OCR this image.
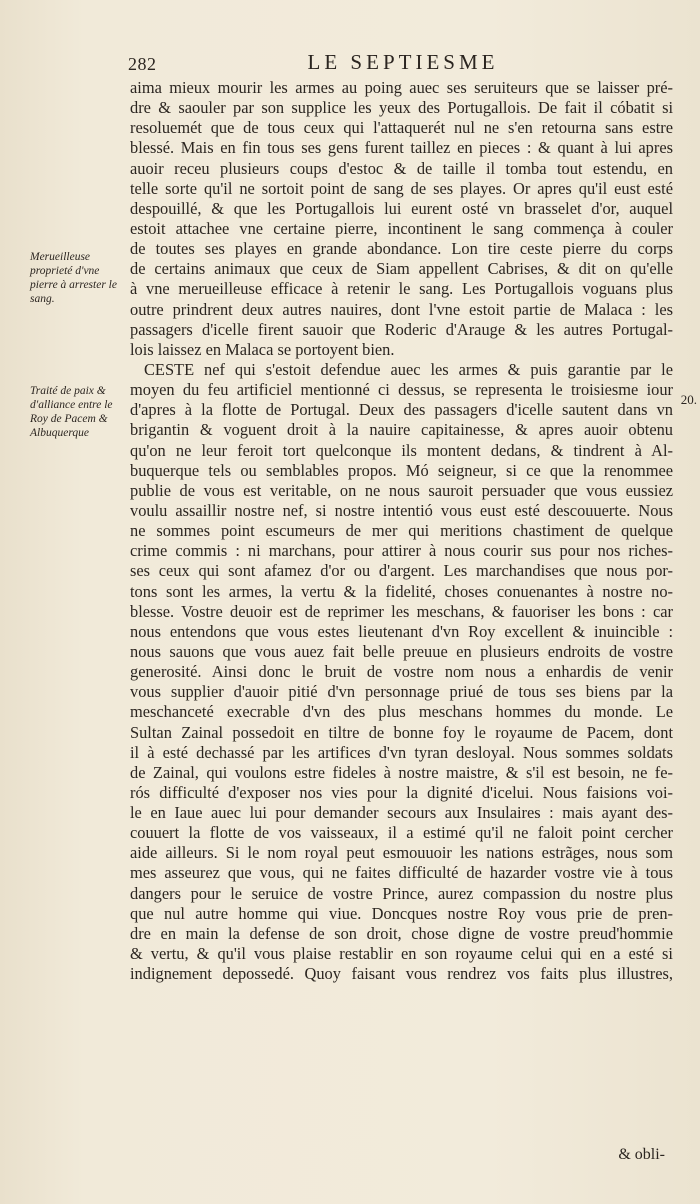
282	LE SEPTIESME
Merueilleuse proprieté d'vne pierre à arrester le sang.
Traité de paix & d'alliance entre le Roy de Pacem & Albuquerque
20.
aima mieux mourir les armes au poing auec ses seruiteurs que se laisser pré-
dre & saouler par son supplice les yeux des Portugallois. De fait il cóbatit si
resoluemét que de tous ceux qui l'attaquerét nul ne s'en retourna sans estre
blessé. Mais en fin tous ses gens furent taillez en pieces : & quant à lui apres
auoir receu plusieurs coups d'estoc & de taille il tomba tout estendu, en
telle sorte qu'il ne sortoit point de sang de ses playes. Or apres qu'il eust esté
despouillé, & que les Portugallois lui eurent osté vn brasselet d'or, auquel
estoit attachee vne certaine pierre, incontinent le sang commença à couler
de toutes ses playes en grande abondance. Lon tire ceste pierre du corps
de certains animaux que ceux de Siam appellent Cabrises, & dit on qu'elle
à vne merueilleuse efficace à retenir le sang. Les Portugallois voguans plus
outre prindrent deux autres nauires, dont l'vne estoit partie de Malaca : les
passagers d'icelle firent sauoir que Roderic d'Arauge & les autres Portugal-
lois laissez en Malaca se portoyent bien.
CESTE nef qui s'estoit defendue auec les armes & puis garantie par le
moyen du feu artificiel mentionné ci dessus, se representa le troisiesme iour
d'apres à la flotte de Portugal. Deux des passagers d'icelle sautent dans vn
brigantin & voguent droit à la nauire capitainesse, & apres auoir obtenu
qu'on ne leur feroit tort quelconque ils montent dedans, & tindrent à Al-
buquerque tels ou semblables propos. Mó seigneur, si ce que la renommee
publie de vous est veritable, on ne nous sauroit persuader que vous eussiez
voulu assaillir nostre nef, si nostre intentió vous eust esté descouuerte. Nous
ne sommes point escumeurs de mer qui meritions chastiment de quelque
crime commis : ni marchans, pour attirer à nous courir sus pour nos riches-
ses ceux qui sont afamez d'or ou d'argent. Les marchandises que nous por-
tons sont les armes, la vertu & la fidelité, choses conuenantes à nostre no-
blesse. Vostre deuoir est de reprimer les meschans, & fauoriser les bons : car
nous entendons que vous estes lieutenant d'vn Roy excellent & inuincible :
nous sauons que vous auez fait belle preuue en plusieurs endroits de vostre
generosité. Ainsi donc le bruit de vostre nom nous a enhardis de venir
vous supplier d'auoir pitié d'vn personnage priué de tous ses biens par la
meschanceté execrable d'vn des plus meschans hommes du monde. Le
Sultan Zainal possedoit en tiltre de bonne foy le royaume de Pacem, dont
il à esté dechassé par les artifices d'vn tyran desloyal. Nous sommes soldats
de Zainal, qui voulons estre fideles à nostre maistre, & s'il est besoin, ne fe-
rós difficulté d'exposer nos vies pour la dignité d'icelui. Nous faisions voi-
le en Iaue auec lui pour demander secours aux Insulaires : mais ayant des-
couuert la flotte de vos vaisseaux, il a estimé qu'il ne faloit point cercher
aide ailleurs. Si le nom royal peut esmouuoir les nations estrãges, nous som
mes asseurez que vous, qui ne faites difficulté de hazarder vostre vie à tous
dangers pour le seruice de vostre Prince, aurez compassion du nostre plus
que nul autre homme qui viue. Doncques nostre Roy vous prie de pren-
dre en main la defense de son droit, chose digne de vostre preud'hommie
& vertu, & qu'il vous plaise restablir en son royaume celui qui en a esté si
indignement depossedé. Quoy faisant vous rendrez vos faits plus illustres,
& obli-
